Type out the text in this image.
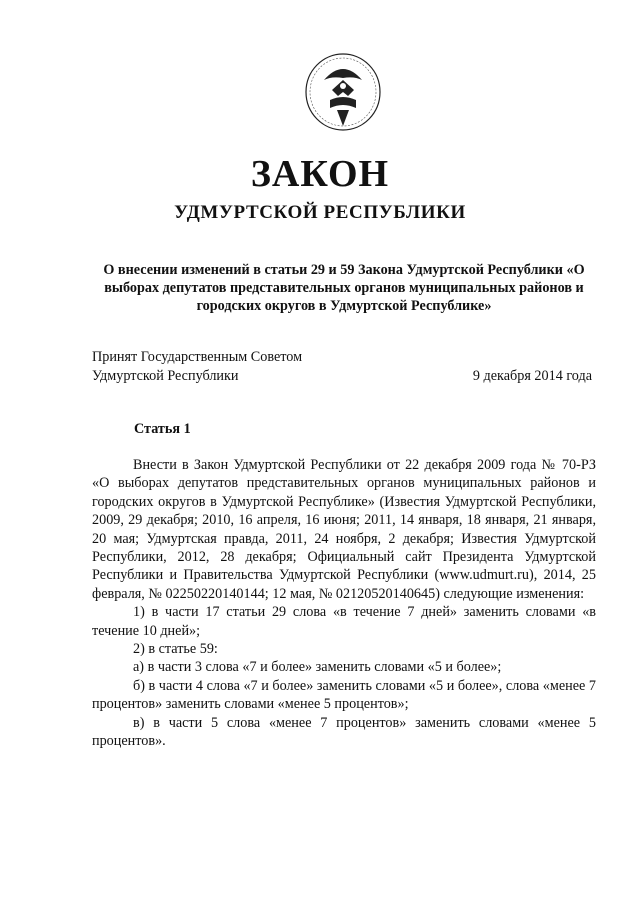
ЗАКОН
УДМУРТСКОЙ РЕСПУБЛИКИ
О внесении изменений в статьи 29 и 59 Закона Удмуртской Республики «О выборах депутатов представительных органов муниципальных районов и городских округов в Удмуртской Республике»
Принят Государственным Советом
Удмуртской Республики	9 декабря 2014 года
Статья 1

Внести в Закон Удмуртской Республики от 22 декабря 2009 года № 70-РЗ «О выборах депутатов представительных органов муниципальных районов и городских округов в Удмуртской Республике» (Известия Удмуртской Республики, 2009, 29 декабря; 2010, 16 апреля, 16 июня; 2011, 14 января, 18 января, 21 января, 20 мая; Удмуртская правда, 2011, 24 ноября, 2 декабря; Известия Удмуртской Республики, 2012, 28 декабря; Официальный сайт Президента Удмуртской Республики и Правительства Удмуртской Республики (www.udmurt.ru), 2014, 25 февраля, № 02250220140144; 12 мая, № 02120520140645) следующие изменения:

1) в части 17 статьи 29 слова «в течение 7 дней» заменить словами «в течение 10 дней»;

2) в статье 59:

а) в части 3 слова «7 и более» заменить словами «5 и более»;

б) в части 4 слова «7 и более» заменить словами «5 и более», слова «менее 7 процентов» заменить словами «менее 5 процентов»;

в) в части 5 слова «менее 7 процентов» заменить словами «менее 5 процентов».
